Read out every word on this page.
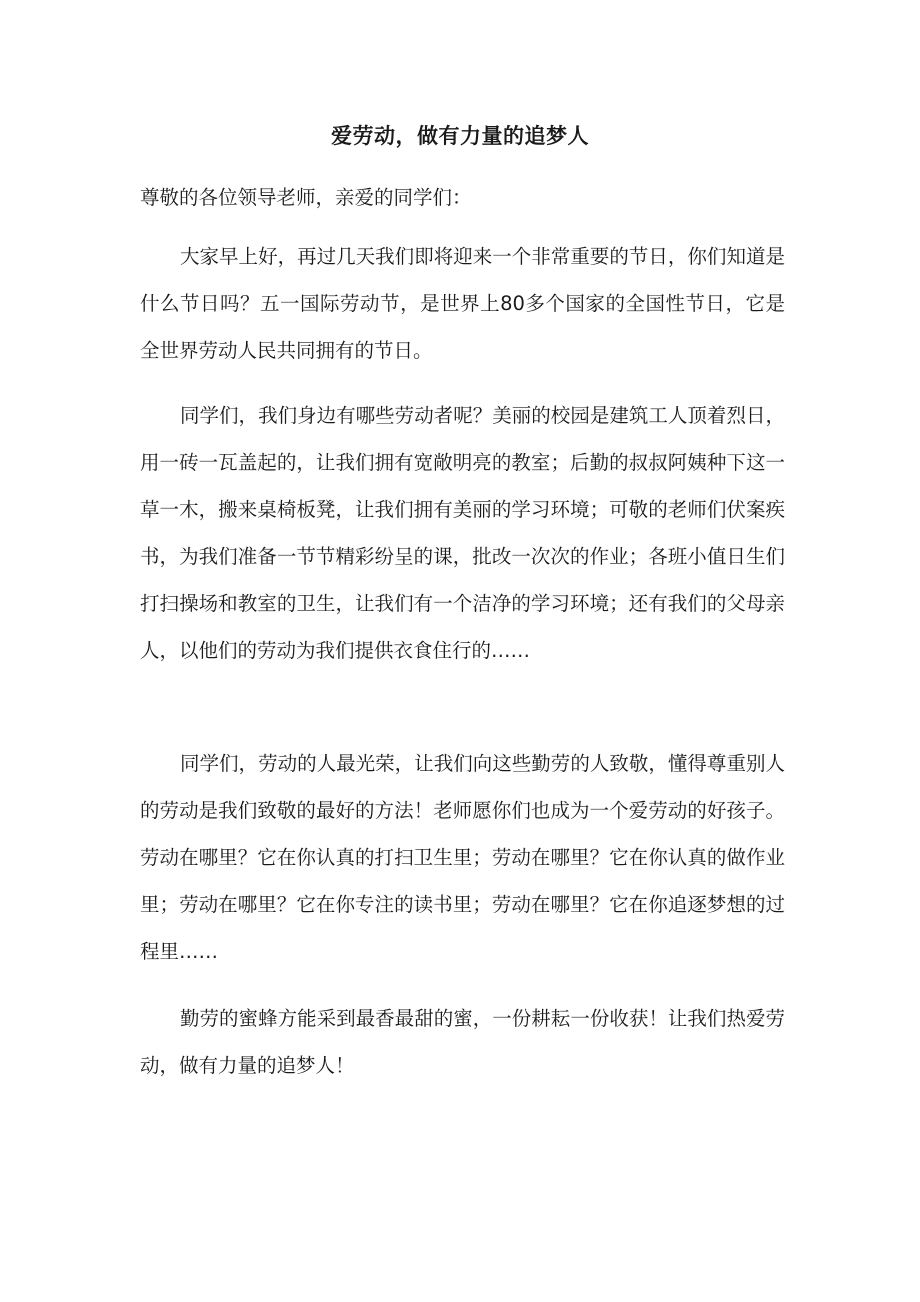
爱劳动，做有力量的追梦人

尊敬的各位领导老师，亲爱的同学们：

大家早上好，再过几天我们即将迎来一个非常重要的节日，你们知道是什么节日吗？五一国际劳动节，是世界上80多个国家的全国性节日，它是全世界劳动人民共同拥有的节日。

同学们，我们身边有哪些劳动者呢？美丽的校园是建筑工人顶着烈日，用一砖一瓦盖起的，让我们拥有宽敞明亮的教室；后勤的叔叔阿姨种下这一草一木，搬来桌椅板凳，让我们拥有美丽的学习环境；可敬的老师们伏案疾书，为我们准备一节节精彩纷呈的课，批改一次次的作业；各班小值日生们打扫操场和教室的卫生，让我们有一个洁净的学习环境；还有我们的父母亲人，以他们的劳动为我们提供衣食住行的……

同学们，劳动的人最光荣，让我们向这些勤劳的人致敬，懂得尊重别人的劳动是我们致敬的最好的方法！老师愿你们也成为一个爱劳动的好孩子。劳动在哪里？它在你认真的打扫卫生里；劳动在哪里？它在你认真的做作业里；劳动在哪里？它在你专注的读书里；劳动在哪里？它在你追逐梦想的过程里……

勤劳的蜜蜂方能采到最香最甜的蜜，一份耕耘一份收获！让我们热爱劳动，做有力量的追梦人！
